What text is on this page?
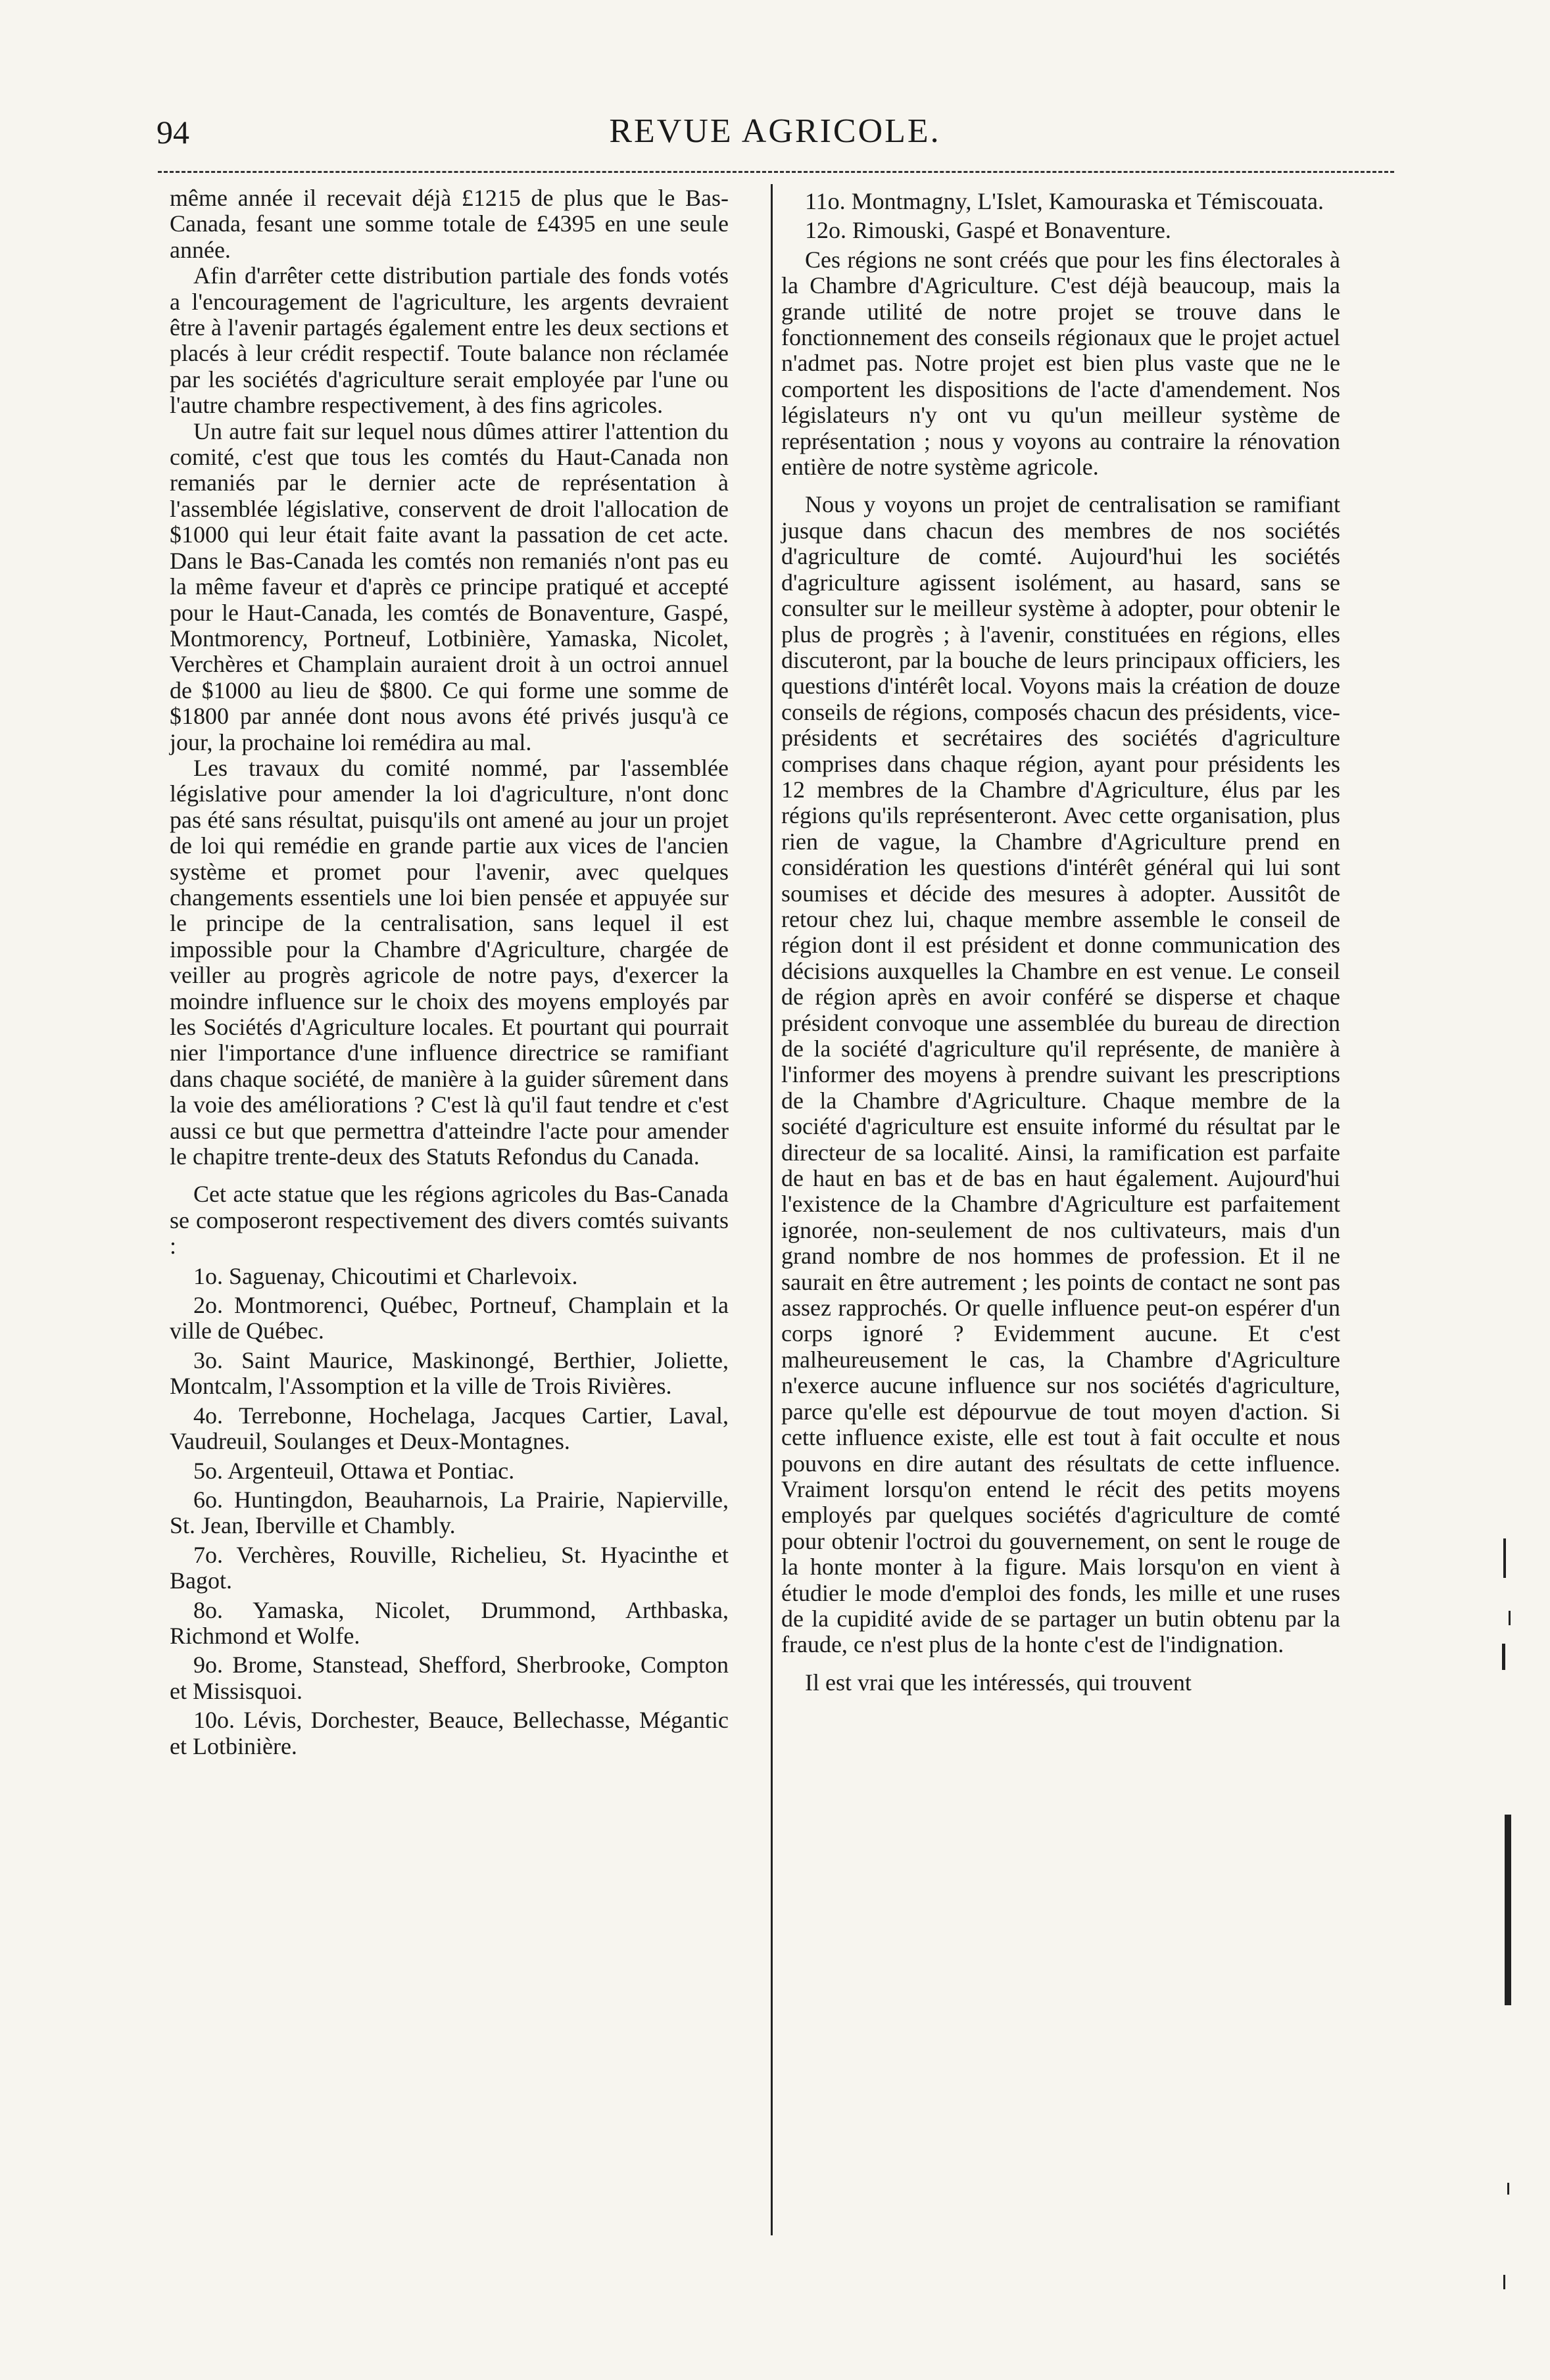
94	REVUE AGRICOLE.

même année il recevait déjà £1215 de plus que le Bas-Canada, fesant une somme totale de £4395 en une seule année.

Afin d'arrêter cette distribution partiale des fonds votés a l'encouragement de l'agriculture, les argents devraient être à l'avenir partagés également entre les deux sections et placés à leur crédit respectif. Toute balance non réclamée par les sociétés d'agriculture serait employée par l'une ou l'autre chambre respectivement, à des fins agricoles.

Un autre fait sur lequel nous dûmes attirer l'attention du comité, c'est que tous les comtés du Haut-Canada non remaniés par le dernier acte de représentation à l'assemblée législative, conservent de droit l'allocation de $1000 qui leur était faite avant la passation de cet acte. Dans le Bas-Canada les comtés non remaniés n'ont pas eu la même faveur et d'après ce principe pratiqué et accepté pour le Haut-Canada, les comtés de Bonaventure, Gaspé, Montmorency, Portneuf, Lotbinière, Yamaska, Nicolet, Verchères et Champlain auraient droit à un octroi annuel de $1000 au lieu de $800. Ce qui forme une somme de $1800 par année dont nous avons été privés jusqu'à ce jour, la prochaine loi remédira au mal.

Les travaux du comité nommé, par l'assemblée législative pour amender la loi d'agriculture, n'ont donc pas été sans résultat, puisqu'ils ont amené au jour un projet de loi qui remédie en grande partie aux vices de l'ancien système et promet pour l'avenir, avec quelques changements essentiels une loi bien pensée et appuyée sur le principe de la centralisation, sans lequel il est impossible pour la Chambre d'Agriculture, chargée de veiller au progrès agricole de notre pays, d'exercer la moindre influence sur le choix des moyens employés par les Sociétés d'Agriculture locales. Et pourtant qui pourrait nier l'importance d'une influence directrice se ramifiant dans chaque société, de manière à la guider sûrement dans la voie des améliorations ? C'est là qu'il faut tendre et c'est aussi ce but que permettra d'atteindre l'acte pour amender le chapitre trente-deux des Statuts Refondus du Canada.

Cet acte statue que les régions agricoles du Bas-Canada se composeront respectivement des divers comtés suivants :

1o. Saguenay, Chicoutimi et Charlevoix.

2o. Montmorenci, Québec, Portneuf, Champlain et la ville de Québec.

3o. Saint Maurice, Maskinongé, Berthier, Joliette, Montcalm, l'Assomption et la ville de Trois Rivières.

4o. Terrebonne, Hochelaga, Jacques Cartier, Laval, Vaudreuil, Soulanges et Deux-Montagnes.

5o. Argenteuil, Ottawa et Pontiac.

6o. Huntingdon, Beauharnois, La Prairie, Napierville, St. Jean, Iberville et Chambly.

7o. Verchères, Rouville, Richelieu, St. Hyacinthe et Bagot.

8o. Yamaska, Nicolet, Drummond, Arthbaska, Richmond et Wolfe.

9o. Brome, Stanstead, Shefford, Sherbrooke, Compton et Missisquoi.

10o. Lévis, Dorchester, Beauce, Bellechasse, Mégantic et Lotbinière.

11o. Montmagny, L'Islet, Kamouraska et Témiscouata.

12o. Rimouski, Gaspé et Bonaventure.

Ces régions ne sont créés que pour les fins électorales à la Chambre d'Agriculture. C'est déjà beaucoup, mais la grande utilité de notre projet se trouve dans le fonctionnement des conseils régionaux que le projet actuel n'admet pas. Notre projet est bien plus vaste que ne le comportent les dispositions de l'acte d'amendement. Nos législateurs n'y ont vu qu'un meilleur système de représentation ; nous y voyons au contraire la rénovation entière de notre système agricole.

Nous y voyons un projet de centralisation se ramifiant jusque dans chacun des membres de nos sociétés d'agriculture de comté. Aujourd'hui les sociétés d'agriculture agissent isolément, au hasard, sans se consulter sur le meilleur système à adopter, pour obtenir le plus de progrès ; à l'avenir, constituées en régions, elles discuteront, par la bouche de leurs principaux officiers, les questions d'intérêt local. Voyons mais la création de douze conseils de régions, composés chacun des présidents, vice-présidents et secrétaires des sociétés d'agriculture comprises dans chaque région, ayant pour présidents les 12 membres de la Chambre d'Agriculture, élus par les régions qu'ils représenteront. Avec cette organisation, plus rien de vague, la Chambre d'Agriculture prend en considération les questions d'intérêt général qui lui sont soumises et décide des mesures à adopter. Aussitôt de retour chez lui, chaque membre assemble le conseil de région dont il est président et donne communication des décisions auxquelles la Chambre en est venue. Le conseil de région après en avoir conféré se disperse et chaque président convoque une assemblée du bureau de direction de la société d'agriculture qu'il représente, de manière à l'informer des moyens à prendre suivant les prescriptions de la Chambre d'Agriculture. Chaque membre de la société d'agriculture est ensuite informé du résultat par le directeur de sa localité. Ainsi, la ramification est parfaite de haut en bas et de bas en haut également. Aujourd'hui l'existence de la Chambre d'Agriculture est parfaitement ignorée, non-seulement de nos cultivateurs, mais d'un grand nombre de nos hommes de profession. Et il ne saurait en être autrement ; les points de contact ne sont pas assez rapprochés. Or quelle influence peut-on espérer d'un corps ignoré ? Evidemment aucune. Et c'est malheureusement le cas, la Chambre d'Agriculture n'exerce aucune influence sur nos sociétés d'agriculture, parce qu'elle est dépourvue de tout moyen d'action. Si cette influence existe, elle est tout à fait occulte et nous pouvons en dire autant des résultats de cette influence. Vraiment lorsqu'on entend le récit des petits moyens employés par quelques sociétés d'agriculture de comté pour obtenir l'octroi du gouvernement, on sent le rouge de la honte monter à la figure. Mais lorsqu'on en vient à étudier le mode d'emploi des fonds, les mille et une ruses de la cupidité avide de se partager un butin obtenu par la fraude, ce n'est plus de la honte c'est de l'indignation.

Il est vrai que les intéressés, qui trouvent
